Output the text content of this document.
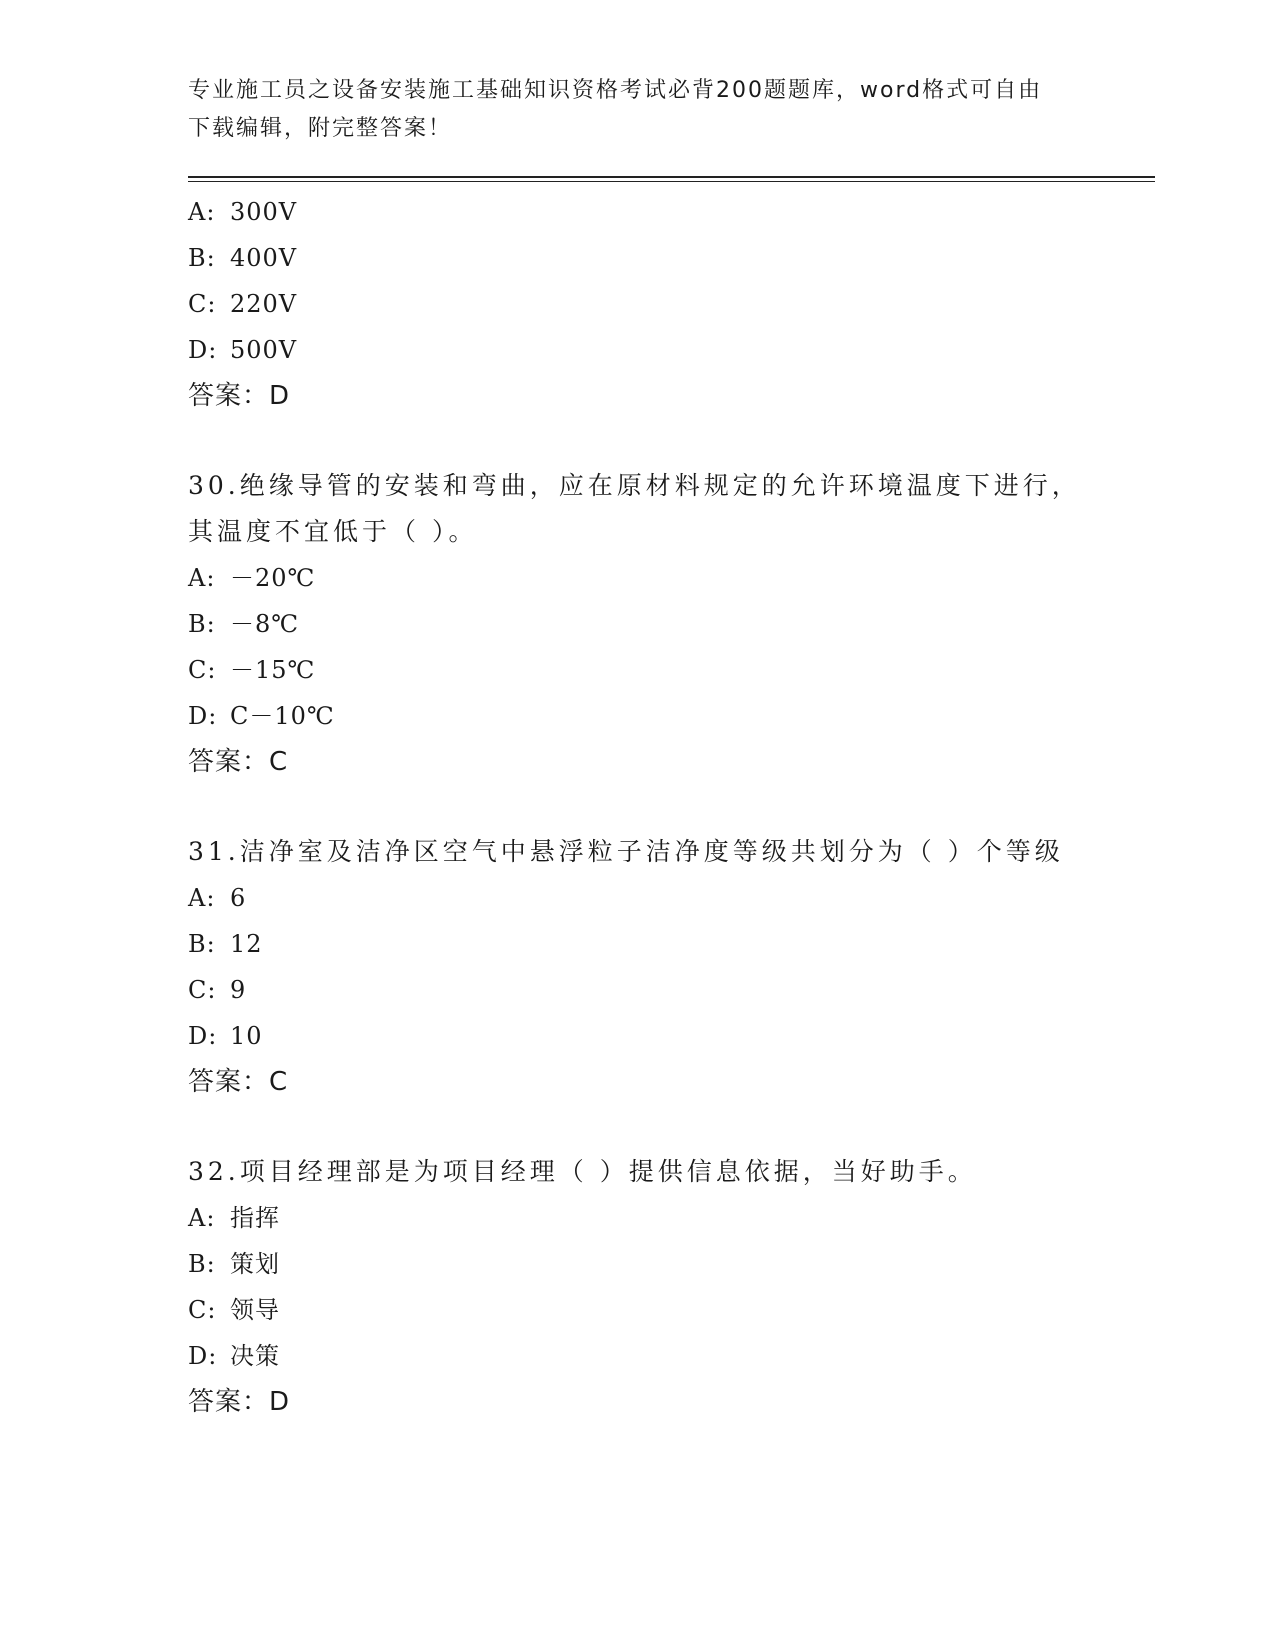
专业施工员之设备安装施工基础知识资格考试必背200题题库，word格式可自由
下载编辑，附完整答案！
A: 300V
B: 400V
C: 220V
D: 500V
答案：D
30.绝缘导管的安装和弯曲，应在原材料规定的允许环境温度下进行，
其温度不宜低于（ ）。
A: －20℃
B: －8℃
C: －15℃
D: C－10℃
答案：C
31.洁净室及洁净区空气中悬浮粒子洁净度等级共划分为（ ）个等级
A: 6
B: 12
C: 9
D: 10
答案：C
32.项目经理部是为项目经理（ ）提供信息依据，当好助手。
A: 指挥
B: 策划
C: 领导
D: 决策
答案：D
